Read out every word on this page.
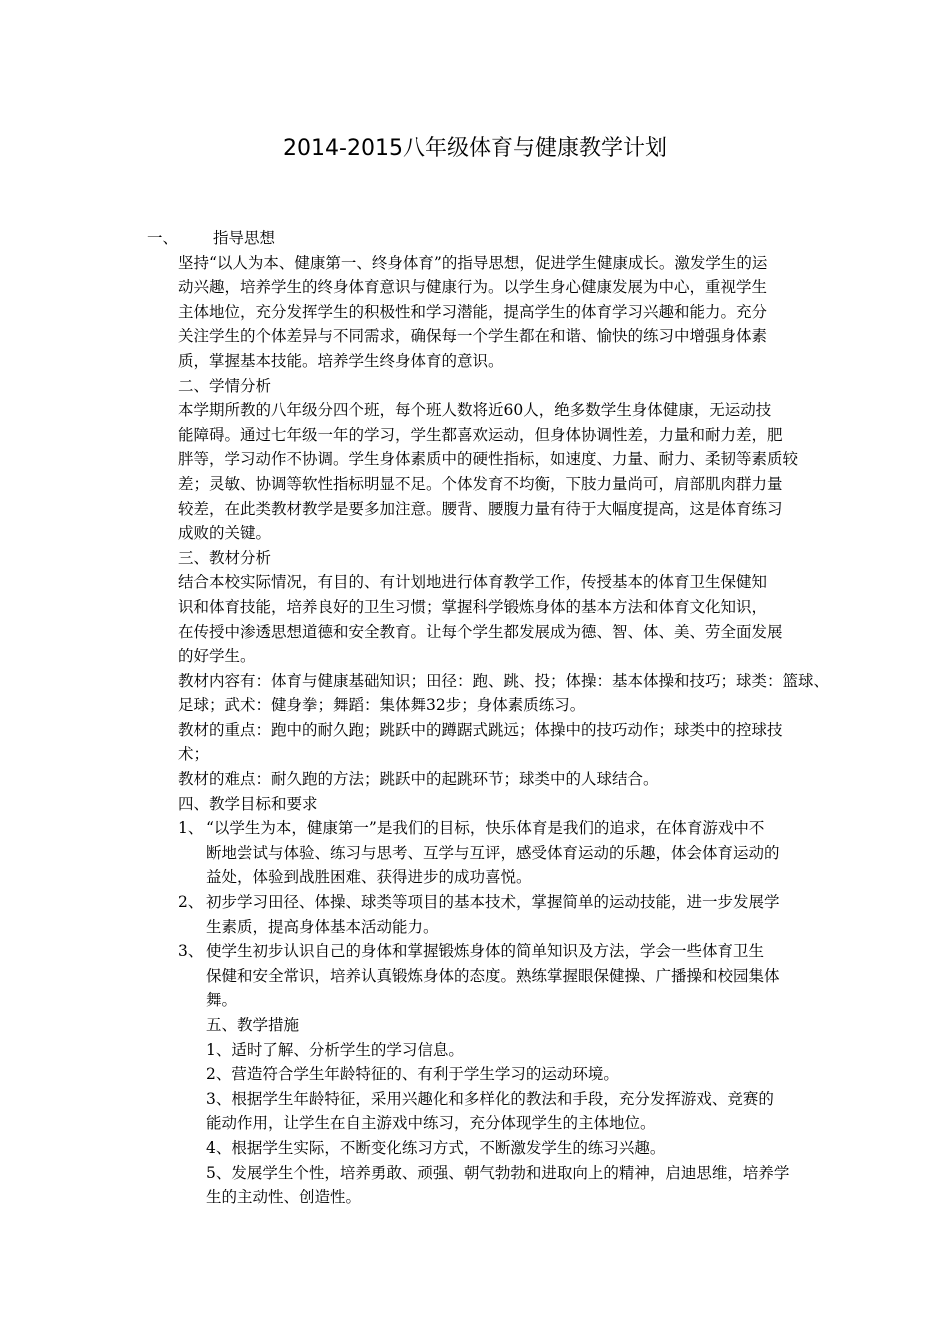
2014-2015八年级体育与健康教学计划
一、 指导思想
坚持“以人为本、健康第一、终身体育”的指导思想，促进学生健康成长。激发学生的运
动兴趣，培养学生的终身体育意识与健康行为。以学生身心健康发展为中心，重视学生
主体地位，充分发挥学生的积极性和学习潜能，提高学生的体育学习兴趣和能力。充分
关注学生的个体差异与不同需求，确保每一个学生都在和谐、愉快的练习中增强身体素
质，掌握基本技能。培养学生终身体育的意识。
二、学情分析
本学期所教的八年级分四个班，每个班人数将近60人，绝多数学生身体健康，无运动技
能障碍。通过七年级一年的学习，学生都喜欢运动，但身体协调性差，力量和耐力差，肥
胖等，学习动作不协调。学生身体素质中的硬性指标，如速度、力量、耐力、柔韧等素质较
差；灵敏、协调等软性指标明显不足。个体发育不均衡，下肢力量尚可，肩部肌肉群力量
较差，在此类教材教学是要多加注意。腰背、腰腹力量有待于大幅度提高，这是体育练习
成败的关键。
三、教材分析
结合本校实际情况，有目的、有计划地进行体育教学工作，传授基本的体育卫生保健知
识和体育技能，培养良好的卫生习惯；掌握科学锻炼身体的基本方法和体育文化知识，
在传授中渗透思想道德和安全教育。让每个学生都发展成为德、智、体、美、劳全面发展
的好学生。
教材内容有：体育与健康基础知识；田径：跑、跳、投；体操：基本体操和技巧；球类：篮球、
足球；武术：健身拳；舞蹈：集体舞32步；身体素质练习。
教材的重点：跑中的耐久跑；跳跃中的蹲踞式跳远；体操中的技巧动作；球类中的控球技
术；
教材的难点：耐久跑的方法；跳跃中的起跳环节；球类中的人球结合。
四、教学目标和要求
1、 “以学生为本，健康第一”是我们的目标，快乐体育是我们的追求，在体育游戏中不
断地尝试与体验、练习与思考、互学与互评，感受体育运动的乐趣，体会体育运动的
益处，体验到战胜困难、获得进步的成功喜悦。
2、 初步学习田径、体操、球类等项目的基本技术，掌握简单的运动技能，进一步发展学
生素质，提高身体基本活动能力。
3、 使学生初步认识自己的身体和掌握锻炼身体的简单知识及方法，学会一些体育卫生
保健和安全常识，培养认真锻炼身体的态度。熟练掌握眼保健操、广播操和校园集体
舞。
五、教学措施
1、适时了解、分析学生的学习信息。
2、营造符合学生年龄特征的、有利于学生学习的运动环境。
3、根据学生年龄特征，采用兴趣化和多样化的教法和手段，充分发挥游戏、竞赛的
能动作用，让学生在自主游戏中练习，充分体现学生的主体地位。
4、根据学生实际，不断变化练习方式，不断激发学生的练习兴趣。
5、发展学生个性，培养勇敢、顽强、朝气勃勃和进取向上的精神，启迪思维，培养学
生的主动性、创造性。
